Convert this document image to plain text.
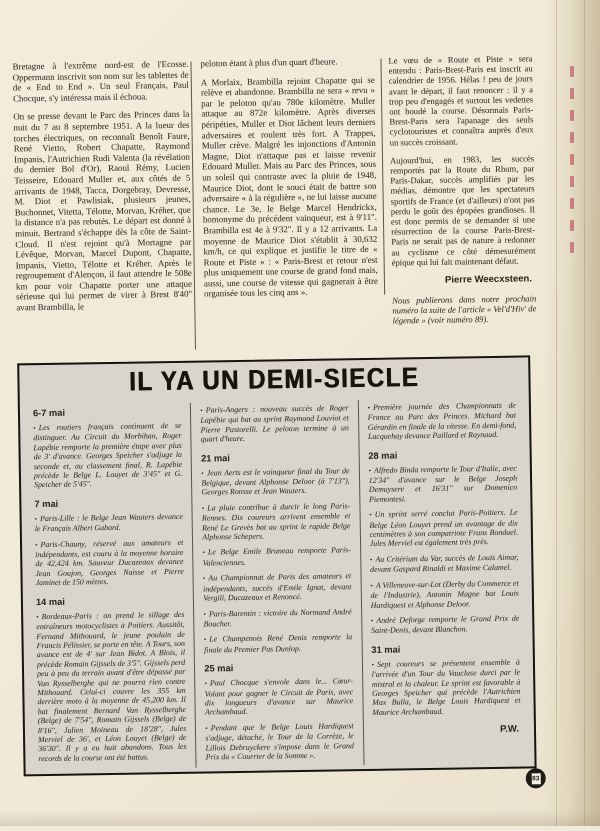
Bretagne à l'extrême nord-est de l'Ecosse. Oppermann inscrivit son nom sur les tablettes de de « End to End ». Un seul Français, Paul Chocque, s'y intéressa mais il échoua.

On se presse devant le Parc des Princes dans la nuit du 7 au 8 septembre 1951. A la lueur des torches électriques, on reconnaît Benoît Faure, René Vietto, Robert Chapatte, Raymond Impanis, l'Autrichien Rudi Valenta (la révélation du dernier Bol d'Or), Raoul Rémy, Lucien Teisseire, Edouard Muller et, aux côtés de 5 arrivants de 1948, Tacca, Dorgebray, Devresse, M. Diot et Pawlisiak, plusieurs jeunes, Buchonnet, Vitetta, Télotte, Morvan, Kréher, que la distance n'a pas rebutés. Le départ est donné à minuit. Bertrand s'échappe dès la côte de Saint-Cloud. Il n'est rejoint qu'à Mortagne par Lévêque, Morvan, Marcel Dupont, Chapatte, Impanis, Vietto, Télotte et Kréher. Après le regroupement d'Alençon, il faut attendre le 508e km pour voir Chapatte porter une attaque sérieuse qui lui permet de virer à Brest 8'40" avant Brambilla, le

peloton étant à plus d'un quart d'heure.

A Morlaix, Brambilla rejoint Chapatte qui se relève et abandonne. Brambilla ne sera « revu » par le peloton qu'au 780e kilomètre. Muller attaque au 872e kilomètre. Après diverses péripéties, Muller et Diot lâchent leurs derniers adversaires et roulent très fort. A Trappes, Muller crève. Malgré les injonctions d'Antonin Magne, Diot n'attaque pas et laisse revenir Edouard Muller. Mais au Parc des Princes, sous un soleil qui contraste avec la pluie de 1948, Maurice Diot, dont le souci était de battre son adversaire « à la régulière », ne lui laisse aucune chance. Le 3e, le Belge Marcel Hendrickx, homonyme du précédent vainqueur, est à 9'11". Brambilla est 4e à 9'32". Il y a 12 arrivants. La moyenne de Maurice Diot s'établit à 30,632 km/h, ce qui explique et justifie le titre de « Route et Piste » : « Paris-Brest et retour n'est plus uniquement une course de grand fond mais, aussi, une course de vitesse qui gagnerait à être organisée tous les cinq ans ».

Le vœu de « Route et Piste » sera entendu : Paris-Brest-Paris est inscrit au calendrier de 1956. Hélas ! peu de jours avant le départ, il faut renoncer : il y a trop peu d'engagés et surtout les vedettes ont boudé la course. Désormais Paris-Brest-Paris sera l'apanage des seuls cyclotouristes et connaîtra auprès d'eux un succès croissant.

Aujourd'hui, en 1983, les succès remportés par la Route du Rhum, par Paris-Dakar, succès amplifiés par les médias, démontre que les spectateurs sportifs de France (et d'ailleurs) n'ont pas perdu le goût des épopées grandioses. Il est donc permis de se demander si une résurrection de la course Paris-Brest-Paris ne serait pas de nature à redonner au cyclisme ce côté démesurément épique qui lui fait maintenant défaut.

Pierre Weecxsteen.

Nous publierons dans notre prochain numéro la suite de l'article « Vel'd'Hiv' de légende » (voir numéro 89).

IL YA UN DEMI-SIECLE
6-7 mai

• Les routiers français continuent de se distinguer. Au Circuit du Morbihan, Roger Lapébie remporte la première étape avec plus de 3' d'avance. Georges Speicher s'adjuge la seconde et, au classement final, R. Lapébie précède le Belge L. Louyet de 3'45" et G. Speicher de 5'45".

7 mai

• Paris-Lille : le Belge Jean Wauters devance le Français Albert Gabard.

• Paris-Chauny, réservé aux amateurs et indépendants, est couru à la moyenne horaire de 42,424 km. Sauveur Ducazeaux devance Jean Goujon, Georges Naisse et Pierre Jaminet de 150 mètres.

14 mai

• Bordeaux-Paris : on prend le sillage des entraîneurs motocyclistes à Poitiers. Aussitôt, Fernand Mithouard, le jeune poulain de Francis Pélissier, se porte en tête. A Tours, son avance est de 4' sur Jean Bidot. A Blois, il précède Romain Gijssels de 3'5". Gijssels perd peu à peu du terrain avant d'être dépassé par Van Rysselberghe qui ne pourra rien contre Mithouard. Celui-ci couvre les 355 km derrière moto à la moyenne de 45,200 km. Il bat finalement Bernard Van Rysselberghe (Belge) de 7'54", Romain Gijssels (Belge) de 8'16", Julien Moineau de 18'28", Jules Merviel de 36', et Léon Louyet (Belge) de 36'30". Il y a eu huit abandons. Tous les records de la course ont été battus.

• Paris-Angers : nouveau succès de Roger Lapébie qui bat au sprint Raymond Louviot et Pierre Pastorelli. Le peloton termine à un quart d'heure.

21 mai

• Jean Aerts est le vainqueur final du Tour de Belgique, devant Alphonse Deloor (à 7'13"), Georges Ronsse et Jean Wauters.

• La pluie contribue à durcir le long Paris-Rennes. Dix coureurs arrivent ensemble et René Le Grevès bat au sprint le rapide Belge Alphonse Schepers.

• Le Belge Emile Bruneau remporte Paris-Valenciennes.

• Au Championnat de Paris des amateurs et indépendants, succès d'Emile Ignat, devant Vergili, Ducazeaux et Renoncé.

• Paris-Barentin : victoire du Normand André Boucher.

• Le Champenois René Denis remporte la finale du Premier Pas Dunlop.

25 mai

• Paul Chocque s'envole dans le... Cœur-Volant pour gagner le Circuit de Paris, avec dix longueurs d'avance sur Maurice Archambaud.

• Pendant que le Belge Louis Hardiquest s'adjuge, détaché, le Tour de la Corrèze, le Lillois Debruyckere s'impose dans le Grand Prix du « Courrier de la Somme ».

• Première journée des Championnats de France au Parc des Princes. Michard bat Gérardin en finale de la vitesse. En demi-fond, Lacquehay devance Paillard et Raynaud.

28 mai

• Alfredo Binda remporte le Tour d'Italie, avec 12'34" d'avance sur le Belge Joseph Demuysere et 16'31" sur Domenico Piemontesi.

• Un sprint serré conclut Paris-Poitiers. Le Belge Léon Louyet prend un avantage de dix centimètres à son compatriote Frans Bonduel. Jules Merviel est également très près.

• Au Critérium du Var, succès de Louis Aimar, devant Gaspard Rinaldi et Maxime Calamel.

• A Villeneuve-sur-Lot (Derby du Commerce et de l'Industrie), Antonin Magne bat Louis Hardiquest et Alphonse Deloor.

• André Deforge remporte le Grand Prix de Saint-Denis, devant Blanchon.

31 mai

• Sept coureurs se présentent ensemble à l'arrivée d'un Tour du Vaucluse durci par le mistral et la chaleur. Le sprint est favorable à Georges Speicher qui précède l'Autrichien Max Bulla, le Belge Louis Hardiquest et Maurice Archambaud.

P.W.
83
